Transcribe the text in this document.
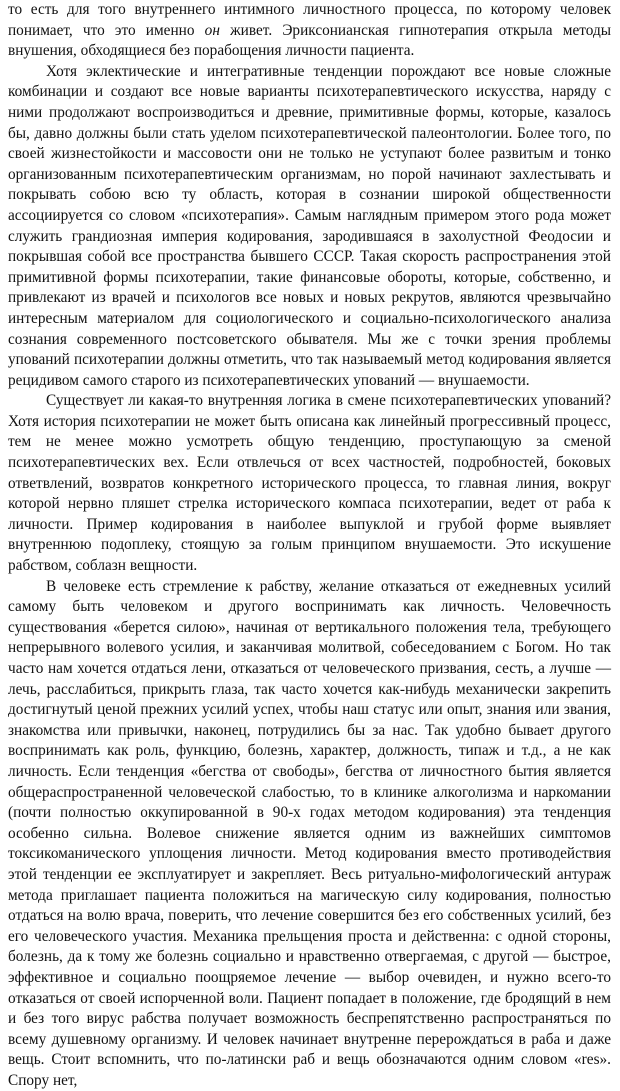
то есть для того внутреннего интимного личностного процесса, по которому человек понимает, что это именно он живет. Эриксонианская гипнотерапия открыла методы внушения, обходящиеся без порабощения личности пациента.

Хотя эклектические и интегративные тенденции порождают все новые сложные комбинации и создают все новые варианты психотерапевтического искусства, наряду с ними продолжают воспроизводиться и древние, примитивные формы, которые, казалось бы, давно должны были стать уделом психотерапевтической палеонтологии. Более того, по своей жизнестойкости и массовости они не только не уступают более развитым и тонко организованным психотерапевтическим организмам, но порой начинают захлестывать и покрывать собою всю ту область, которая в сознании широкой общественности ассоциируется со словом «психотерапия». Самым наглядным примером этого рода может служить грандиозная империя кодирования, зародившаяся в захолустной Феодосии и покрывшая собой все пространства бывшего СССР. Такая скорость распространения этой примитивной формы психотерапии, такие финансовые обороты, которые, собственно, и привлекают из врачей и психологов все новых и новых рекрутов, являются чрезвычайно интересным материалом для социологического и социально-психологического анализа сознания современного постсоветского обывателя. Мы же с точки зрения проблемы упований психотерапии должны отметить, что так называемый метод кодирования является рецидивом самого старого из психотерапевтических упований — внушаемости.

Существует ли какая-то внутренняя логика в смене психотерапевтических упований? Хотя история психотерапии не может быть описана как линейный прогрессивный процесс, тем не менее можно усмотреть общую тенденцию, проступающую за сменой психотерапевтических вех. Если отвлечься от всех частностей, подробностей, боковых ответвлений, возвратов конкретного исторического процесса, то главная линия, вокруг которой нервно пляшет стрелка исторического компаса психотерапии, ведет от раба к личности. Пример кодирования в наиболее выпуклой и грубой форме выявляет внутреннюю подоплеку, стоящую за голым принципом внушаемости. Это искушение рабством, соблазн вещности.

В человеке есть стремление к рабству, желание отказаться от ежедневных усилий самому быть человеком и другого воспринимать как личность. Человечность существования «берется силою», начиная от вертикального положения тела, требующего непрерывного волевого усилия, и заканчивая молитвой, собеседованием с Богом. Но так часто нам хочется отдаться лени, отказаться от человеческого призвания, сесть, а лучше — лечь, расслабиться, прикрыть глаза, так часто хочется как-нибудь механически закрепить достигнутый ценой прежних усилий успех, чтобы наш статус или опыт, знания или звания, знакомства или привычки, наконец, потрудились бы за нас. Так удобно бывает другого воспринимать как роль, функцию, болезнь, характер, должность, типаж и т.д., а не как личность. Если тенденция «бегства от свободы», бегства от личностного бытия является общераспространенной человеческой слабостью, то в клинике алкоголизма и наркомании (почти полностью оккупированной в 90-х годах методом кодирования) эта тенденция особенно сильна. Волевое снижение является одним из важнейших симптомов токсикоманического уплощения личности. Метод кодирования вместо противодействия этой тенденции ее эксплуатирует и закрепляет. Весь ритуально-мифологический антураж метода приглашает пациента положиться на магическую силу кодирования, полностью отдаться на волю врача, поверить, что лечение совершится без его собственных усилий, без его человеческого участия. Механика прельщения проста и действенна: с одной стороны, болезнь, да к тому же болезнь социально и нравственно отвергаемая, с другой — быстрое, эффективное и социально поощряемое лечение — выбор очевиден, и нужно всего-то отказаться от своей испорченной воли. Пациент попадает в положение, где бродящий в нем и без того вирус рабства получает возможность беспрепятственно распространяться по всему душевному организму. И человек начинает внутренне перерождаться в раба и даже вещь. Стоит вспомнить, что по-латински раб и вещь обозначаются одним словом «res». Спору нет,
